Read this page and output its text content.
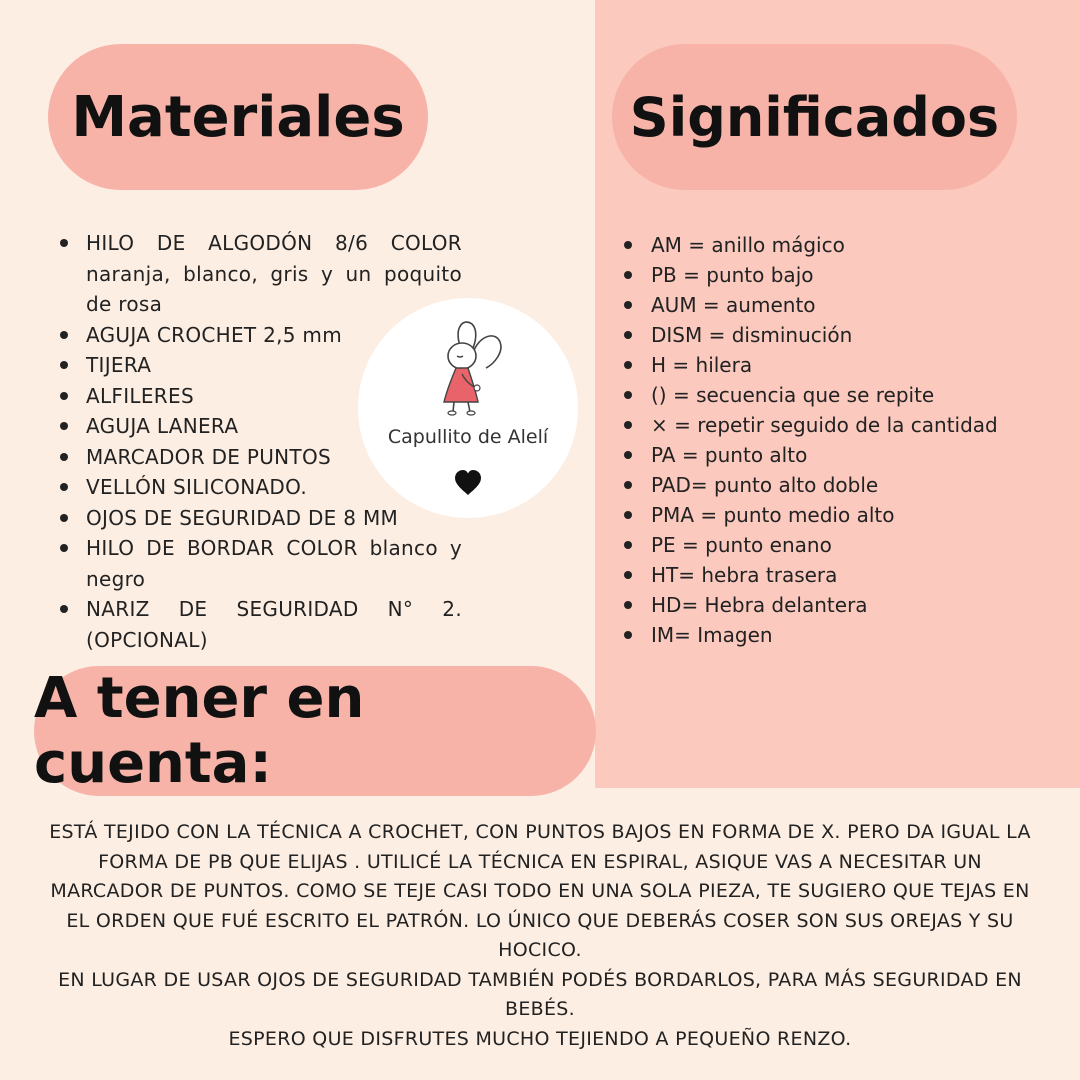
Materiales	Significados
HILO DE ALGODÓN 8/6 COLOR naranja, blanco, gris y un poquito de rosa
AGUJA CROCHET 2,5 mm
TIJERA
ALFILERES
AGUJA LANERA
MARCADOR DE PUNTOS
VELLÓN SILICONADO.
OJOS DE SEGURIDAD DE 8 MM
HILO DE BORDAR COLOR blanco y negro
NARIZ DE SEGURIDAD N° 2. (OPCIONAL)
AM = anillo mágico
PB = punto bajo
AUM = aumento
DISM = disminución
H = hilera
() = secuencia que se repite
× = repetir seguido de la cantidad
PA = punto alto
PAD= punto alto doble
PMA = punto medio alto
PE = punto enano
HT= hebra trasera
HD= Hebra delantera
IM= Imagen
Capullito de Alelí
A tener en cuenta:

ESTÁ TEJIDO CON LA TÉCNICA A CROCHET, CON PUNTOS BAJOS EN FORMA DE X. PERO DA IGUAL LA FORMA DE PB QUE ELIJAS . UTILICÉ LA TÉCNICA EN ESPIRAL, ASIQUE VAS A NECESITAR UN MARCADOR DE PUNTOS. COMO SE TEJE CASI TODO EN UNA SOLA PIEZA, TE SUGIERO QUE TEJAS EN EL ORDEN QUE FUÉ ESCRITO EL PATRÓN. LO ÚNICO QUE DEBERÁS COSER SON SUS OREJAS Y SU HOCICO.

EN LUGAR DE USAR OJOS DE SEGURIDAD TAMBIÉN PODÉS BORDARLOS, PARA MÁS SEGURIDAD EN BEBÉS.

ESPERO QUE DISFRUTES MUCHO TEJIENDO A PEQUEÑO RENZO.
